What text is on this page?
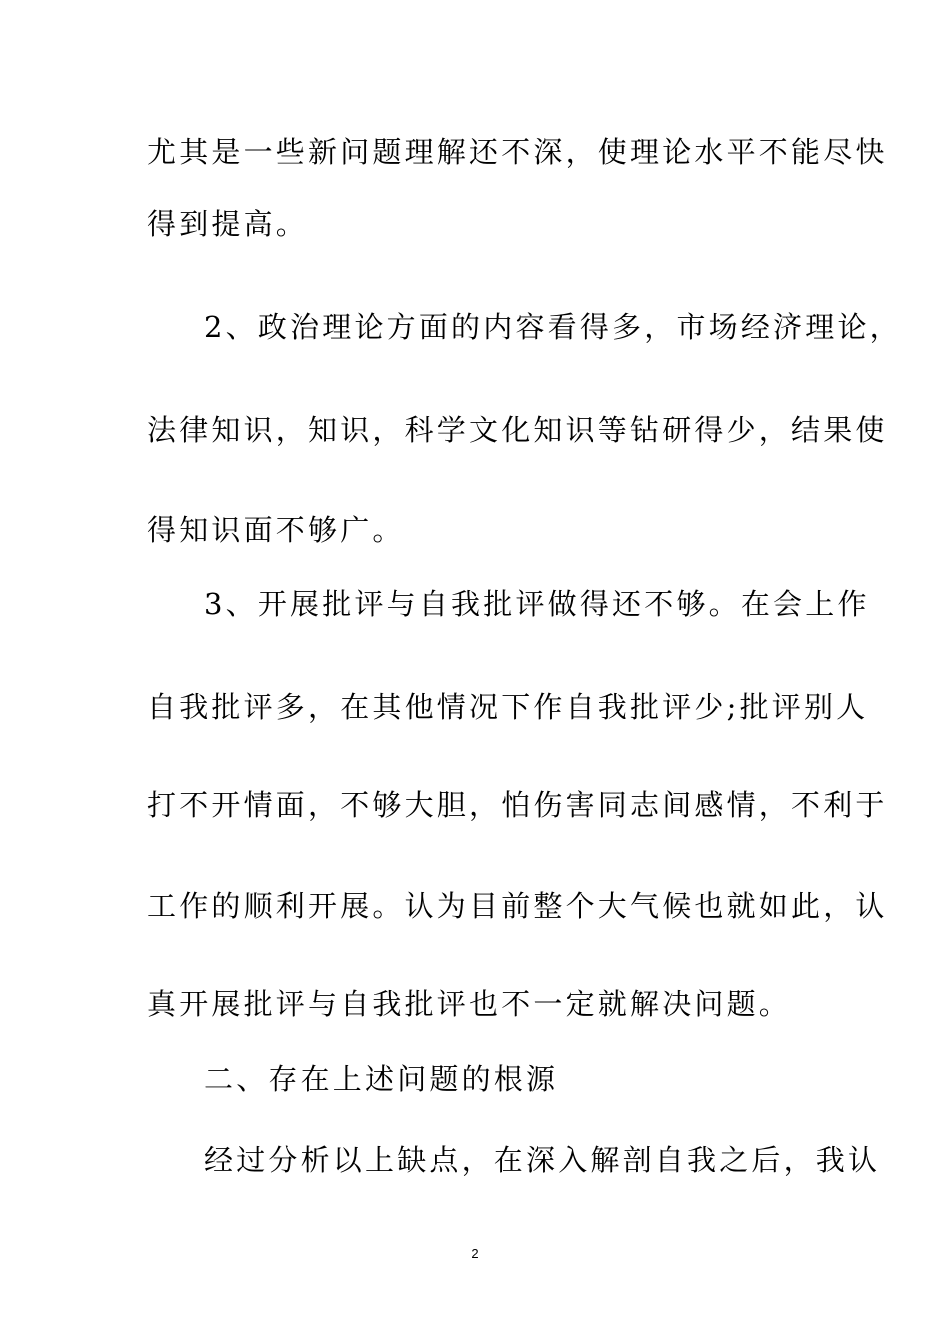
尤其是一些新问题理解还不深，使理论水平不能尽快
得到提高。
2、政治理论方面的内容看得多，市场经济理论，
法律知识，知识，科学文化知识等钻研得少，结果使
得知识面不够广。
3、开展批评与自我批评做得还不够。在会上作
自我批评多，在其他情况下作自我批评少;批评别人
打不开情面，不够大胆，怕伤害同志间感情，不利于
工作的顺利开展。认为目前整个大气候也就如此，认
真开展批评与自我批评也不一定就解决问题。
二、存在上述问题的根源
经过分析以上缺点，在深入解剖自我之后，我认
2
